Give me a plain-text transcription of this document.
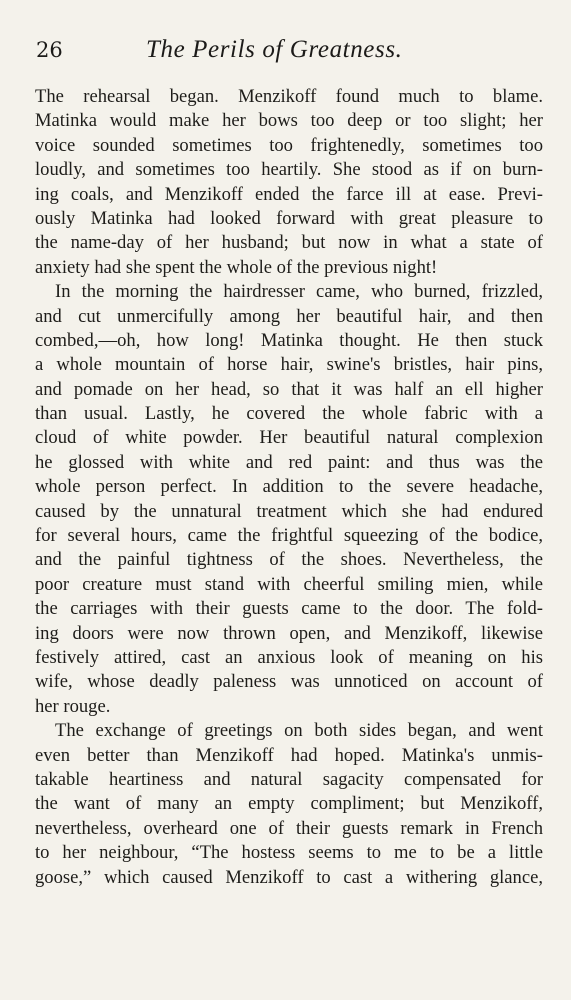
26	The Perils of Greatness.
The rehearsal began. Menzikoff found much to blame.
Matinka would make her bows too deep or too slight; her
voice sounded sometimes too frightenedly, sometimes too
loudly, and sometimes too heartily. She stood as if on burn-
ing coals, and Menzikoff ended the farce ill at ease. Previ-
ously Matinka had looked forward with great pleasure to
the name-day of her husband; but now in what a state of
anxiety had she spent the whole of the previous night!
In the morning the hairdresser came, who burned, frizzled,
and cut unmercifully among her beautiful hair, and then
combed,—oh, how long! Matinka thought. He then stuck
a whole mountain of horse hair, swine's bristles, hair pins,
and pomade on her head, so that it was half an ell higher
than usual. Lastly, he covered the whole fabric with a
cloud of white powder. Her beautiful natural complexion
he glossed with white and red paint: and thus was the
whole person perfect. In addition to the severe headache,
caused by the unnatural treatment which she had endured
for several hours, came the frightful squeezing of the bodice,
and the painful tightness of the shoes. Nevertheless, the
poor creature must stand with cheerful smiling mien, while
the carriages with their guests came to the door. The fold-
ing doors were now thrown open, and Menzikoff, likewise
festively attired, cast an anxious look of meaning on his
wife, whose deadly paleness was unnoticed on account of
her rouge.
The exchange of greetings on both sides began, and went
even better than Menzikoff had hoped. Matinka's unmis-
takable heartiness and natural sagacity compensated for
the want of many an empty compliment; but Menzikoff,
nevertheless, overheard one of their guests remark in French
to her neighbour, “The hostess seems to me to be a little
goose,” which caused Menzikoff to cast a withering glance,
